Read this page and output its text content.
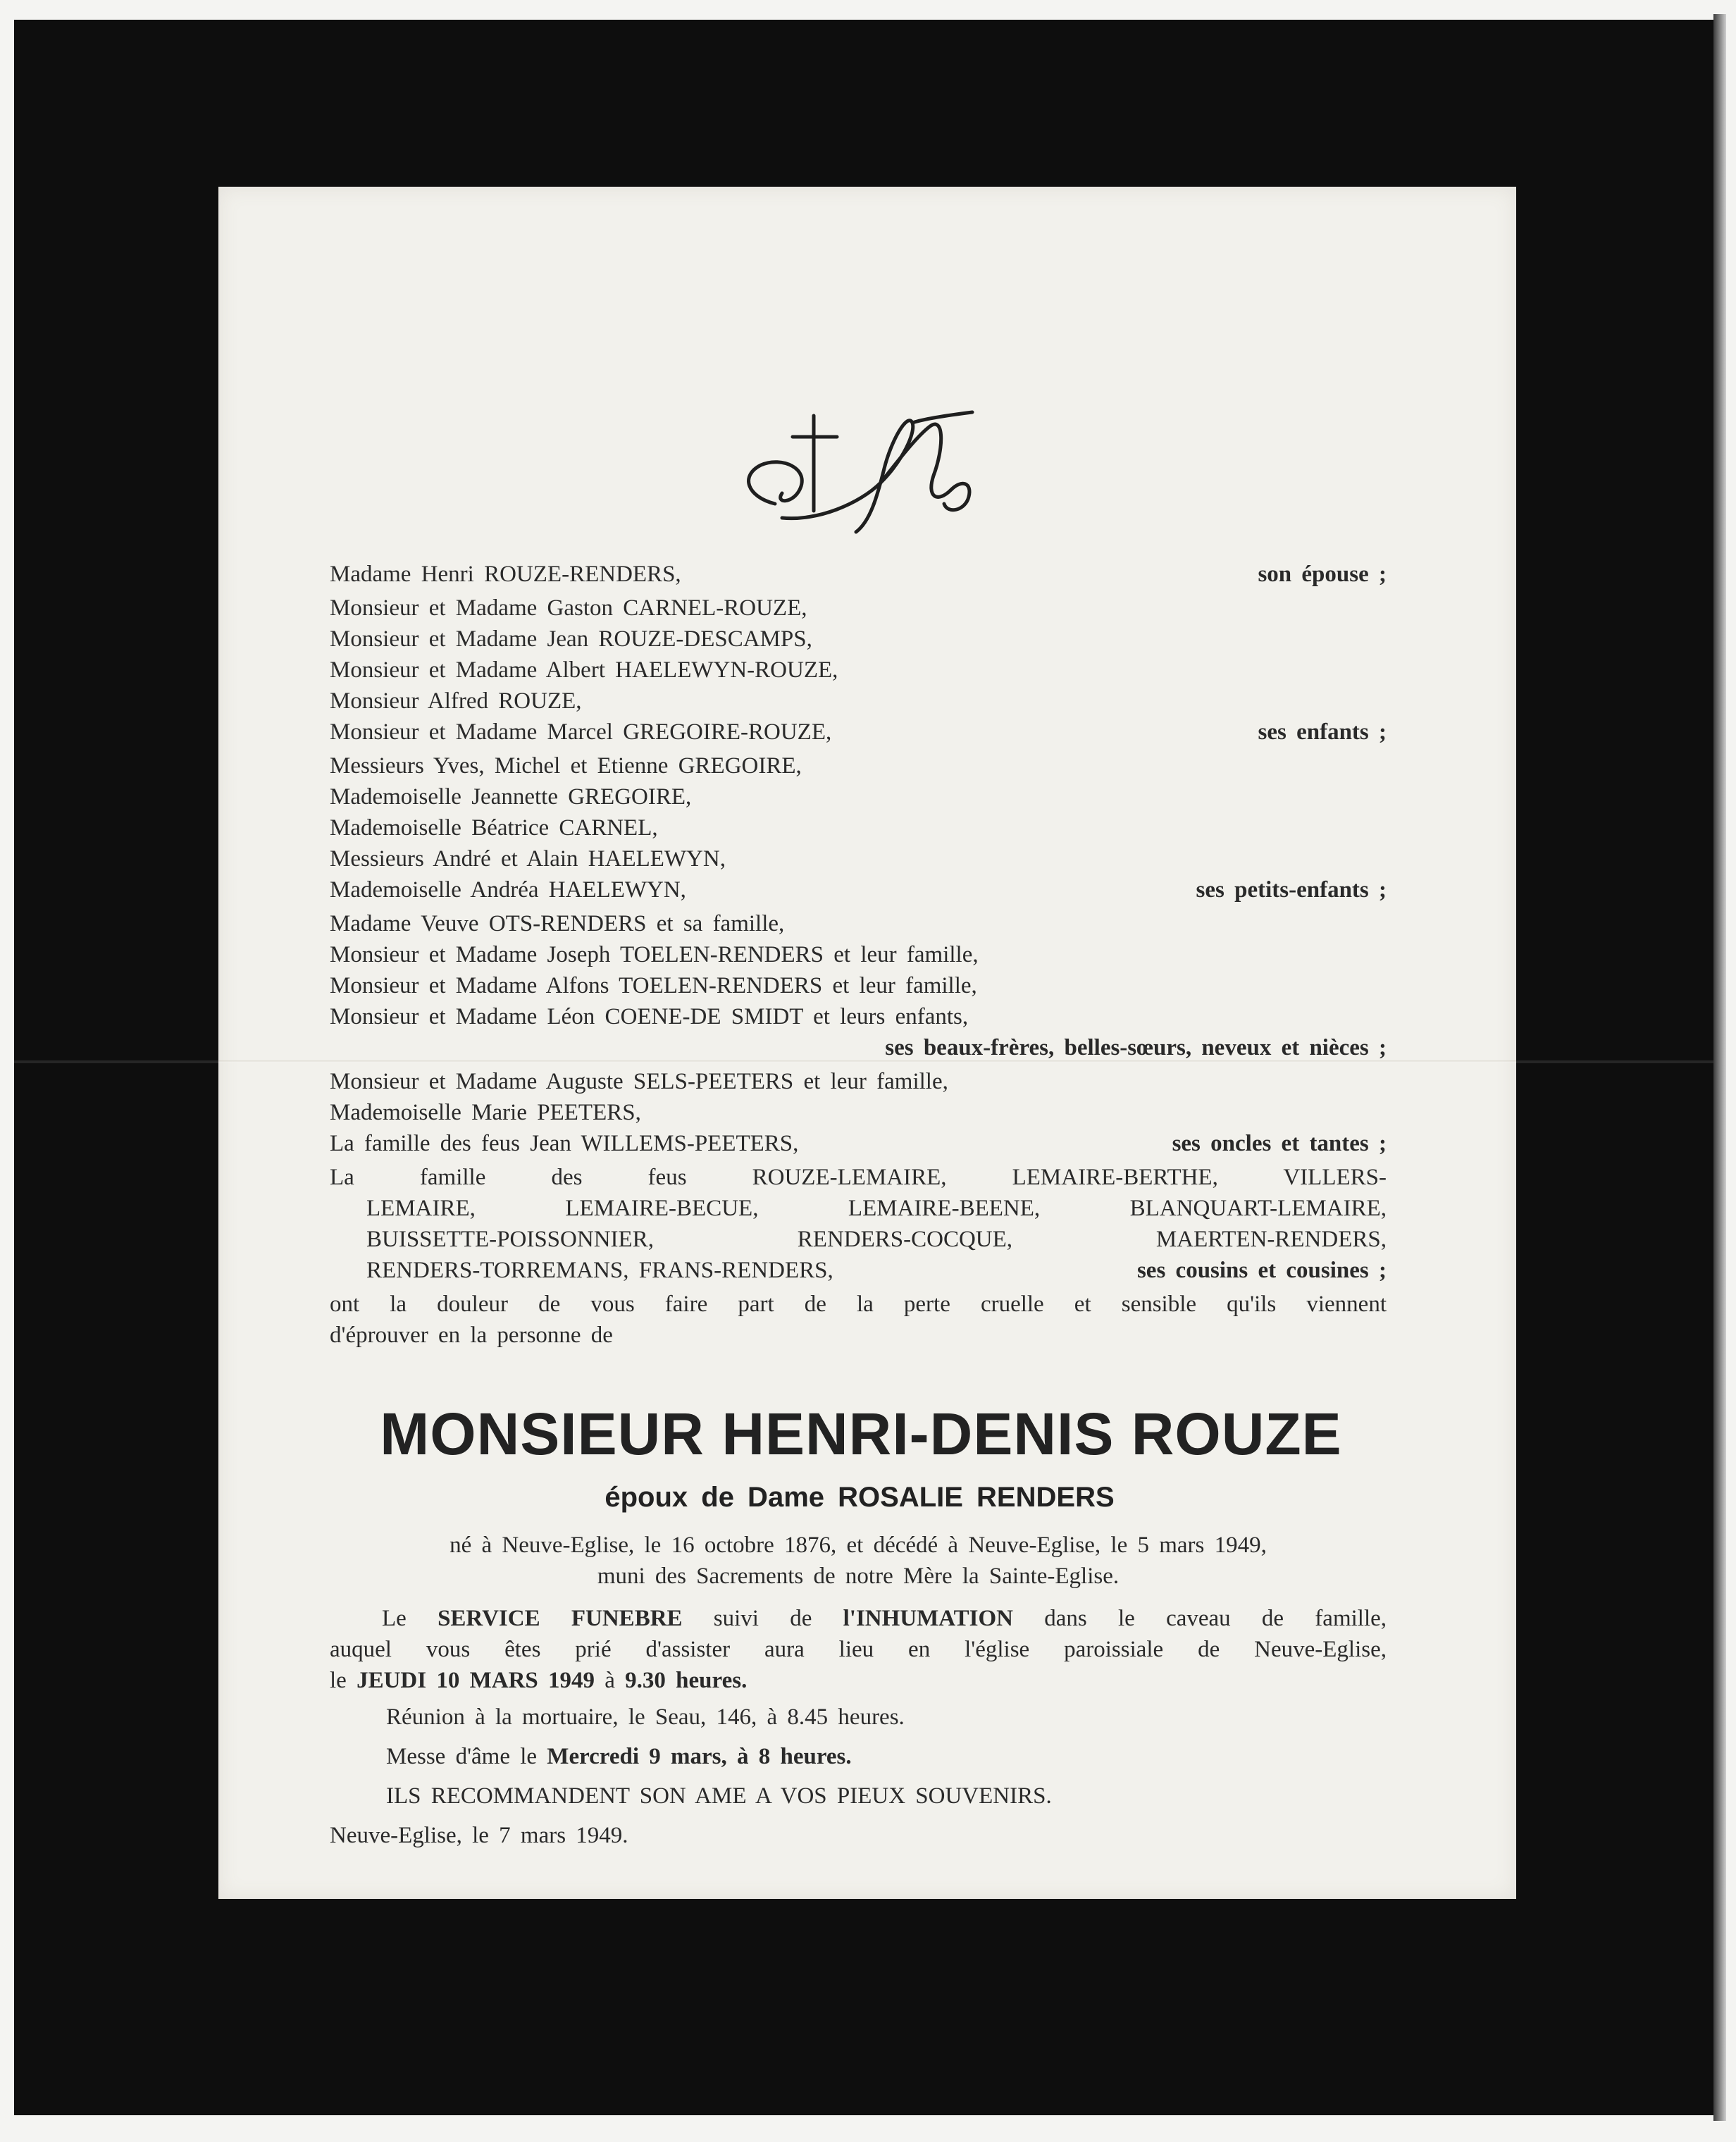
Madame Henri ROUZE-RENDERS,	son épouse ;
Monsieur et Madame Gaston CARNEL-ROUZE,
Monsieur et Madame Jean ROUZE-DESCAMPS,
Monsieur et Madame Albert HAELEWYN-ROUZE,
Monsieur Alfred ROUZE,
Monsieur et Madame Marcel GREGOIRE-ROUZE,	ses enfants ;
Messieurs Yves, Michel et Etienne GREGOIRE,
Mademoiselle Jeannette GREGOIRE,
Mademoiselle Béatrice CARNEL,
Messieurs André et Alain HAELEWYN,
Mademoiselle Andréa HAELEWYN,	ses petits-enfants ;
Madame Veuve OTS-RENDERS et sa famille,
Monsieur et Madame Joseph TOELEN-RENDERS et leur famille,
Monsieur et Madame Alfons TOELEN-RENDERS et leur famille,
Monsieur et Madame Léon COENE-DE SMIDT et leurs enfants,
ses beaux-frères, belles-sœurs, neveux et nièces ;
Monsieur et Madame Auguste SELS-PEETERS et leur famille,
Mademoiselle Marie PEETERS,
La famille des feus Jean WILLEMS-PEETERS,	ses oncles et tantes ;
La famille des feus ROUZE-LEMAIRE, LEMAIRE-BERTHE, VILLERS-
LEMAIRE, LEMAIRE-BECUE, LEMAIRE-BEENE, BLANQUART-LEMAIRE,
BUISSETTE-POISSONNIER, RENDERS-COCQUE, MAERTEN-RENDERS,
RENDERS-TORREMANS, FRANS-RENDERS,	ses cousins et cousines ;
ont la douleur de vous faire part de la perte cruelle et sensible qu'ils viennent
d'éprouver en la personne de
MONSIEUR HENRI-DENIS ROUZE
époux de Dame ROSALIE RENDERS
né à Neuve-Eglise, le 16 octobre 1876, et décédé à Neuve-Eglise, le 5 mars 1949,
muni des Sacrements de notre Mère la Sainte-Eglise.
Le SERVICE FUNEBRE suivi de l'INHUMATION dans le caveau de famille,
auquel vous êtes prié d'assister aura lieu en l'église paroissiale de Neuve-Eglise,
le JEUDI 10 MARS 1949 à 9.30 heures.
Réunion à la mortuaire, le Seau, 146, à 8.45 heures.
Messe d'âme le Mercredi 9 mars, à 8 heures.
ILS RECOMMANDENT SON AME A VOS PIEUX SOUVENIRS.
Neuve-Eglise, le 7 mars 1949.
